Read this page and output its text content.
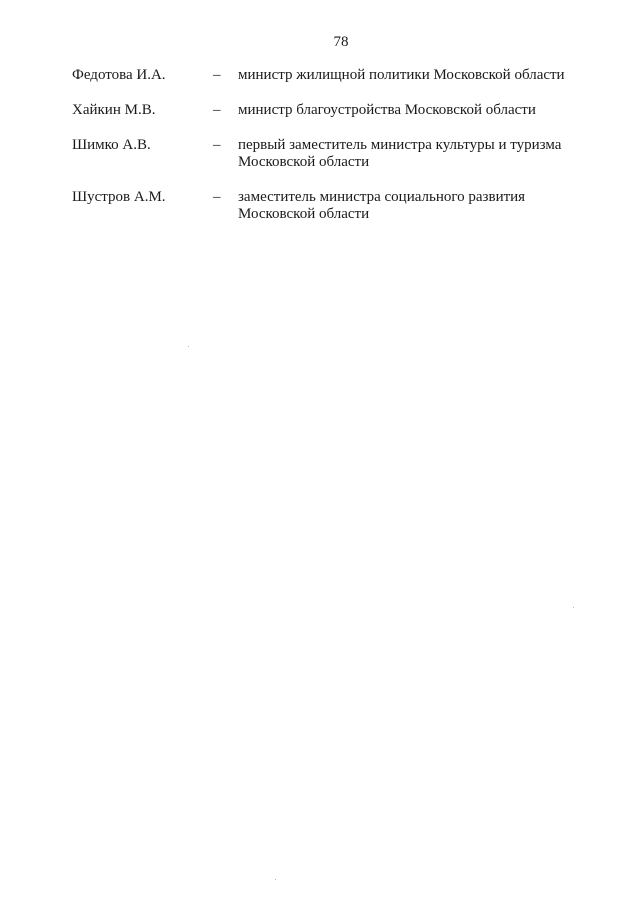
78
Федотова И.А.	– министр жилищной политики Московской области
Хайкин М.В.	– министр благоустройства Московской области
Шимко А.В.	– первый заместитель министра культуры и туризма
Московской области
Шустров А.М.	– заместитель министра социального развития
Московской области
